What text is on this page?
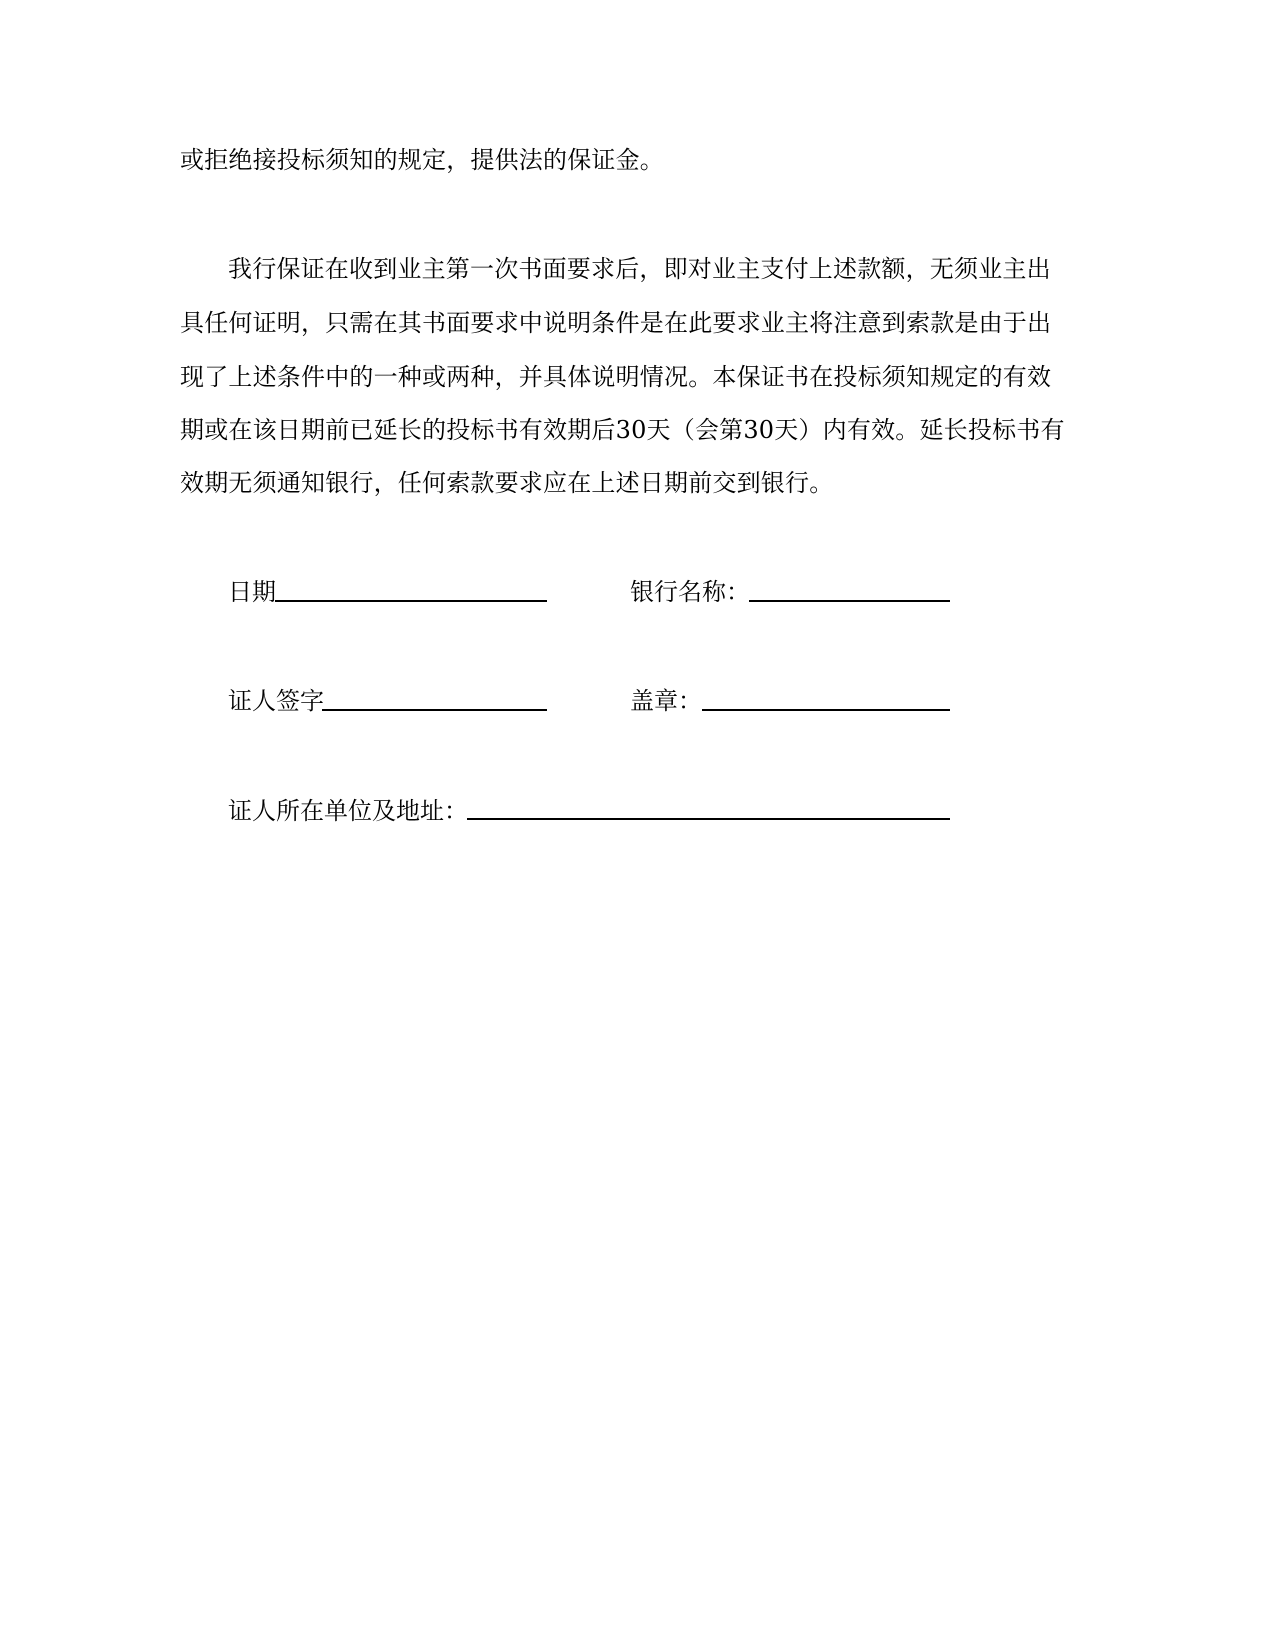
或拒绝接投标须知的规定，提供法的保证金。
我行保证在收到业主第一次书面要求后，即对业主支付上述款额，无须业主出
具任何证明，只需在其书面要求中说明条件是在此要求业主将注意到索款是由于出
现了上述条件中的一种或两种，并具体说明情况。本保证书在投标须知规定的有效
期或在该日期前已延长的投标书有效期后30天（会第30天）内有效。延长投标书有
效期无须通知银行，任何索款要求应在上述日期前交到银行。
日期	银行名称：
证人签字	盖章：
证人所在单位及地址：
